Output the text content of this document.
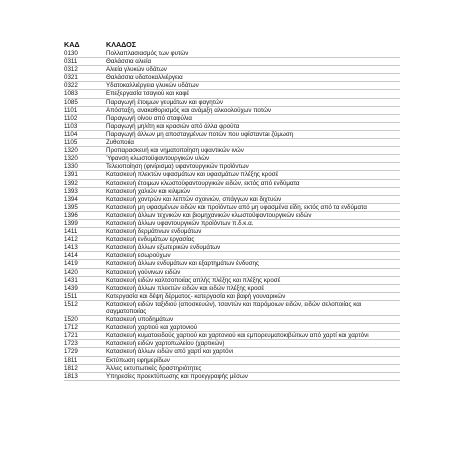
ΚΑΔ	ΚΛΑΔΟΣ
0130	Πολλαπλασιασμός των φυτών
0311	Θαλάσσια αλιεία
0312	Αλιεία γλυκών υδάτων
0321	Θαλάσσια υδατοκαλλιέργεια
0322	Υδατοκαλλιέργεια γλυκών υδάτων
1083	Επεξεργασία τσαγιού και καφέ
1085	Παραγωγή έτοιμων γευμάτων και φαγητών
1101	Απόσταξη, ανακαθορισμός και ανάμιξη αλκοολούχων ποτών
1102	Παραγωγή οίνου από σταφύλια
1103	Παραγωγή μηλίτη και κρασιών από άλλα φρούτα
1104	Παραγωγή άλλων μη αποσταγμένων ποτών που υφίσταντaι ζύμωση
1105	Ζυθοποιία
1320	Προπαρασκευή και νηματοποίηση υφαντικών ινών
1320	Ύφανση κλωστοϋφαντουργικών υλών
1330	Τελειοποίηση (φινίρισμα) υφαντουργικών προϊόντων
1391	Κατασκευή πλεκτών υφασμάτων και υφασμάτων πλέξης κροσέ
1392	Κατασκευή έτοιμων κλωστοϋφαντουργικών ειδών, εκτός από ενδύματα
1393	Κατασκευή χαλιών και κιλιμιών
1394	Κατασκευή χοντρών και λεπτών σχοινιών, σπάγγων και διχτυών
1395	Κατασκευή μη υφασμένων ειδών και προϊόντων από μη υφασμένα είδη, εκτός από τα ενδύματα
1396	Κατασκευή άλλων τεχνικών και βιομηχανικών κλωστοϋφαντουργικών ειδών
1399	Κατασκευή άλλων υφαντουργικών προϊόντων π.δ.κ.α.
1411	Κατασκευή δερμάτινων ενδυμάτων
1412	Κατασκευή ενδυμάτων εργασίας
1413	Κατασκευή άλλων εξωτερικών ενδυμάτων
1414	Κατασκευή εσωρούχων
1419	Κατασκευή άλλων ενδυμάτων και εξαρτημάτων ένδυσης
1420	Κατασκευή γούνινων ειδών
1431	Κατασκευή ειδών καλτσοποιίας απλής πλέξης και πλέξης κροσέ
1439	Κατασκευή άλλων πλεκτών ειδών και ειδών πλέξης κροσέ
1511	Κατεργασία και δέψη δέρματος- κατεργασία και βαφή γουναρικών
1512	Κατασκευή ειδών ταξιδιού (αποσκευών), τσαντών και παρόμοιων ειδών, ειδών σελοποιίας και σαγματοποιίας
1520	Κατασκευή υποδημάτων
1712	Κατασκευή χαρτιού και χαρτονιού
1721	Κατασκευή κυματοειδούς χαρτιού και χαρτονιού και εμπορευματοκιβώτιων από χαρτί και χαρτόνι
1723	Κατασκευή ειδών χαρτοπωλείου (χαρτικών)
1729	Κατασκευή άλλων ειδών από χαρτί και χαρτόνι
1811	Εκτύπωση εφημερίδων
1812	Άλλες εκτυπωτικές δραστηριότητες
1813	Υπηρεσίες προεκτύπωσης και προεγγραφής μέσων
